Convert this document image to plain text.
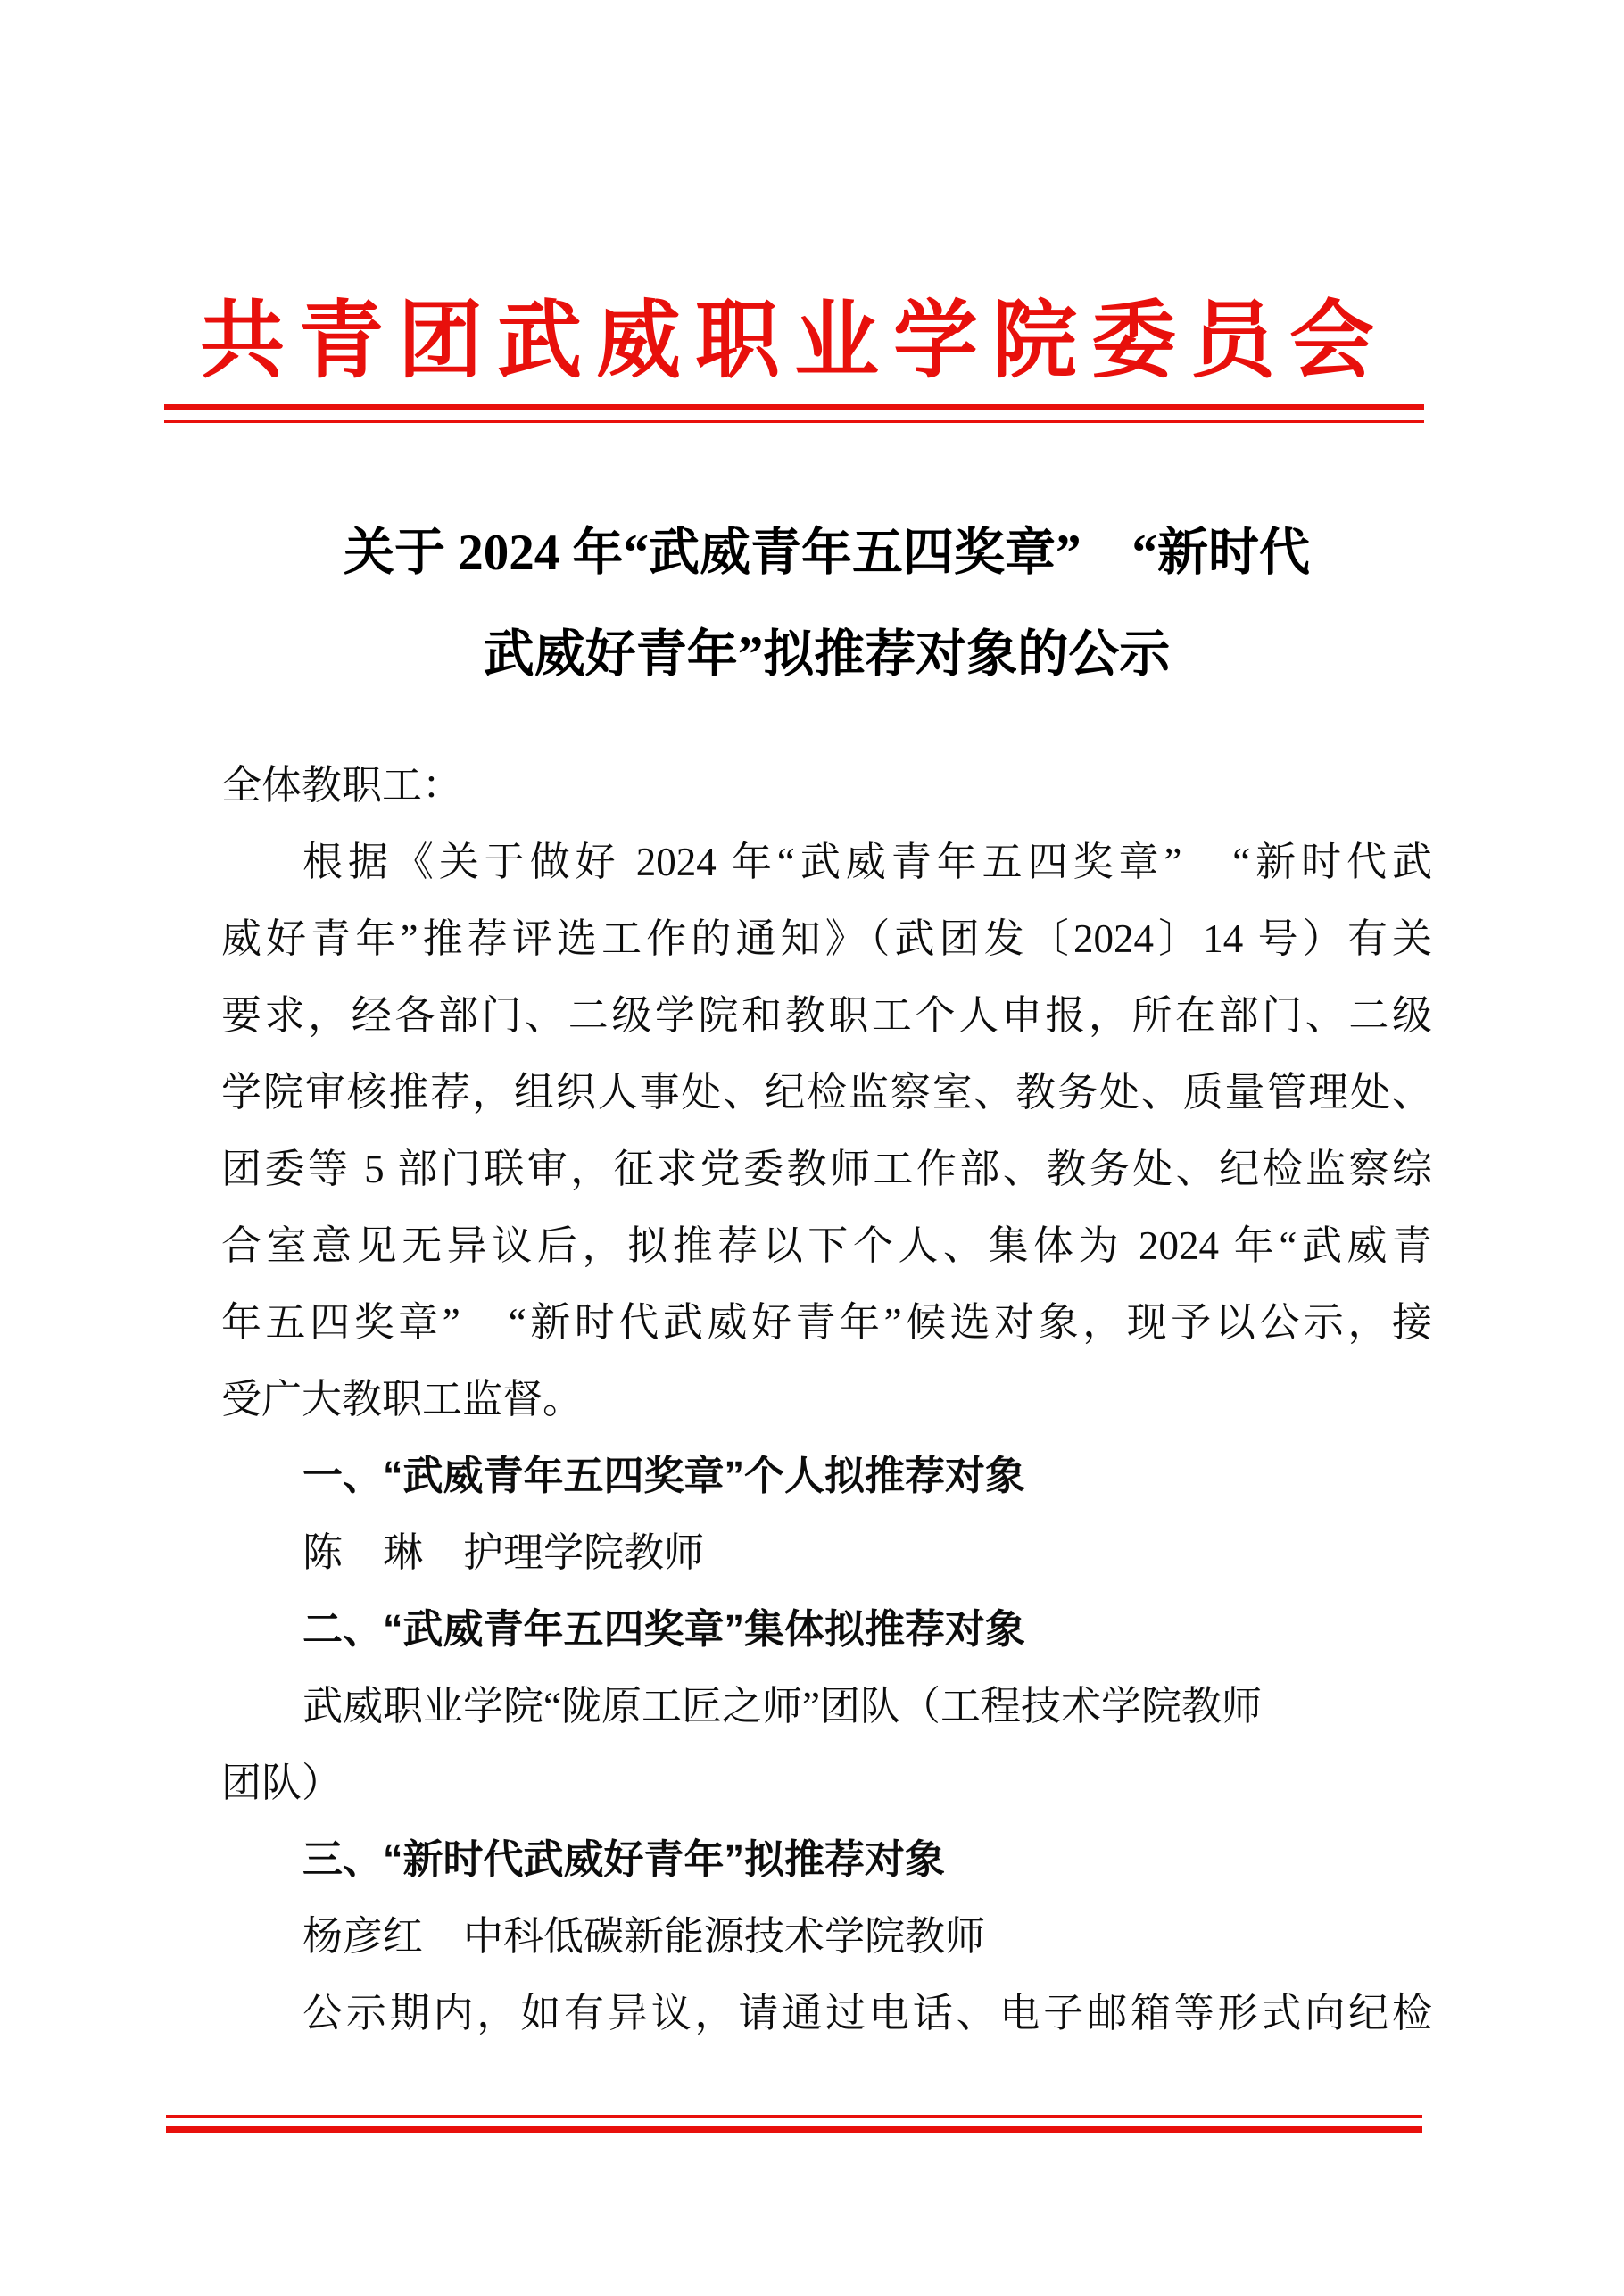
共青团武威职业学院委员会
关于 2024 年“武威青年五四奖章”　“新时代
武威好青年”拟推荐对象的公示
全体教职工：
根据《关于做好 2024 年“武威青年五四奖章”　“新时代武
威好青年”推荐评选工作的通知》（武团发〔2024〕14 号）有关
要求，经各部门、二级学院和教职工个人申报，所在部门、二级
学院审核推荐，组织人事处、纪检监察室、教务处、质量管理处、
团委等 5 部门联审，征求党委教师工作部、教务处、纪检监察综
合室意见无异议后，拟推荐以下个人、集体为 2024 年“武威青
年五四奖章”　“新时代武威好青年”候选对象，现予以公示，接
受广大教职工监督。
一、“武威青年五四奖章”个人拟推荐对象
陈　琳　护理学院教师
二、“武威青年五四奖章”集体拟推荐对象
武威职业学院“陇原工匠之师”团队（工程技术学院教师
团队）
三、“新时代武威好青年”拟推荐对象
杨彦红　中科低碳新能源技术学院教师
公示期内，如有异议，请通过电话、电子邮箱等形式向纪检
